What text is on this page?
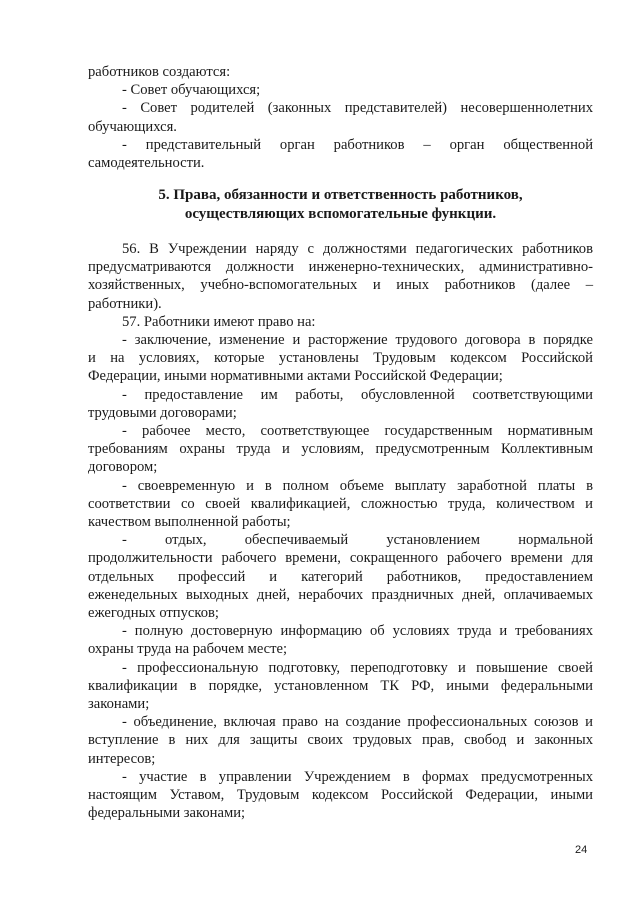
работников создаются:
- Совет обучающихся;
- Совет родителей (законных представителей) несовершеннолетних
обучающихся.
- представительный орган работников – орган общественной
самодеятельности.
5. Права, обязанности и ответственность работников,
осуществляющих вспомогательные функции.
56. В Учреждении наряду с должностями педагогических работников
предусматриваются должности инженерно-технических, административно-
хозяйственных, учебно-вспомогательных и иных работников (далее –
работники).
57. Работники имеют право на:
- заключение, изменение и расторжение трудового договора в порядке
и на условиях, которые установлены Трудовым кодексом Российской
Федерации, иными нормативными актами Российской Федерации;
- предоставление им работы, обусловленной соответствующими
трудовыми договорами;
- рабочее место, соответствующее государственным нормативным
требованиям охраны труда и условиям, предусмотренным Коллективным
договором;
- своевременную и в полном объеме выплату заработной платы в
соответствии со своей квалификацией, сложностью труда, количеством и
качеством выполненной работы;
- отдых, обеспечиваемый установлением нормальной
продолжительности рабочего времени, сокращенного рабочего времени для
отдельных профессий и категорий работников, предоставлением
еженедельных выходных дней, нерабочих праздничных дней, оплачиваемых
ежегодных отпусков;
- полную достоверную информацию об условиях труда и требованиях
охраны труда на рабочем месте;
- профессиональную подготовку, переподготовку и повышение своей
квалификации в порядке, установленном ТК РФ, иными федеральными
законами;
- объединение, включая право на создание профессиональных союзов и
вступление в них для защиты своих трудовых прав, свобод и законных
интересов;
- участие в управлении Учреждением в формах предусмотренных
настоящим Уставом, Трудовым кодексом Российской Федерации, иными
федеральными законами;
24
